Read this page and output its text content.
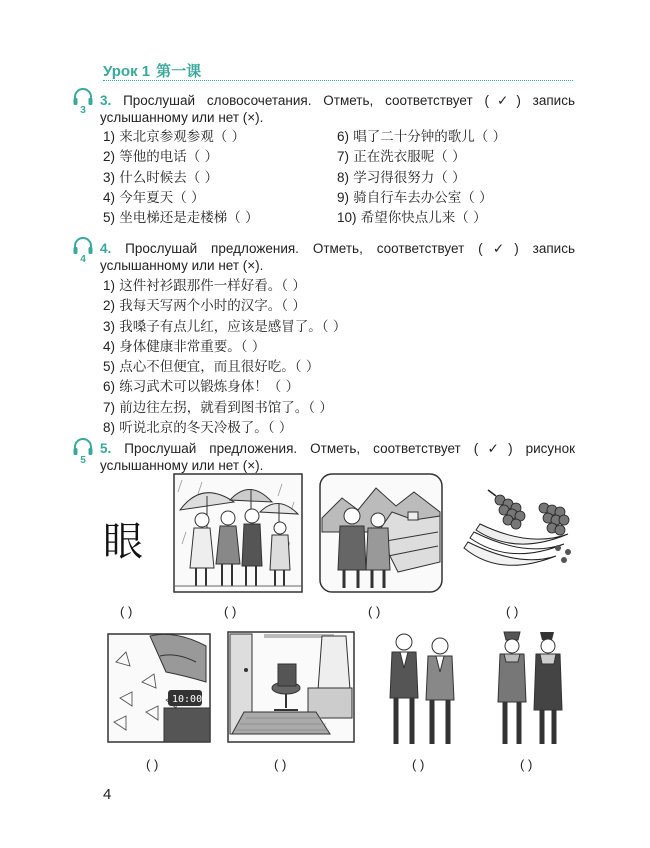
Урок 1 第一课
3
3. Прослушай словосочетания. Отметь, соответствует (✓) запись услышанному или нет (×).
1) 来北京参观参观（ ）
2) 等他的电话（ ）
3) 什么时候去（ ）
4) 今年夏天（ ）
5) 坐电梯还是走楼梯（ ）
6) 唱了二十分钟的歌儿（ ）
7) 正在洗衣服呢（ ）
8) 学习得很努力（ ）
9) 骑自行车去办公室（ ）
10) 希望你快点儿来（ ）
4
4. Прослушай предложения. Отметь, соответствует (✓) запись услышанному или нет (×).
1) 这件衬衫跟那件一样好看。（ ）
2) 我每天写两个小时的汉字。（ ）
3) 我嗓子有点儿红，应该是感冒了。（ ）
4) 身体健康非常重要。（ ）
5) 点心不但便宜，而且很好吃。（ ）
6) 练习武术可以锻炼身体！（ ）
7) 前边往左拐，就看到图书馆了。（ ）
8) 听说北京的冬天冷极了。（ ）
5
5. Прослушай предложения. Отметь, соответствует (✓) рисунок услышанному или нет (×).
眼
( )	( )	( )	( )
10:00
( )	( )	( )	( )
4
